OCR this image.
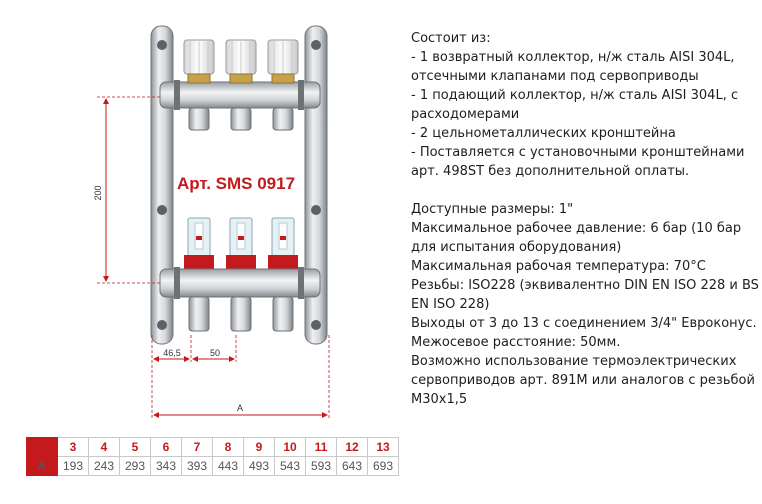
Арт. SMS 0917
200
46,5	50
A
Состоит из:
- 1 возвратный коллектор, н/ж сталь AISI 304L,
отсечными клапанами под сервоприводы
- 1 подающий коллектор, н/ж сталь AISI 304L, с
расходомерами
- 2 цельнометаллических кронштейна
- Поставляется с установочными кронштейнами
арт. 498ST без дополнительной оплаты.
Доступные размеры: 1"
Максимальное рабочее давление: 6 бар (10 бар
для испытания оборудования)
Максимальная рабочая температура: 70°C
Резьбы: ISO228 (эквивалентно DIN EN ISO 228 и BS
EN ISO 228)
Выходы от 3 до 13 с соединением 3/4" Евроконус.
Межосевое расстояние: 50мм.
Возможно использование термоэлектрических
сервоприводов арт. 891M или аналогов с резьбой
М30х1,5
	3	4	5	6	7	8	9	10	11	12	13
A	193	243	293	343	393	443	493	543	593	643	693
